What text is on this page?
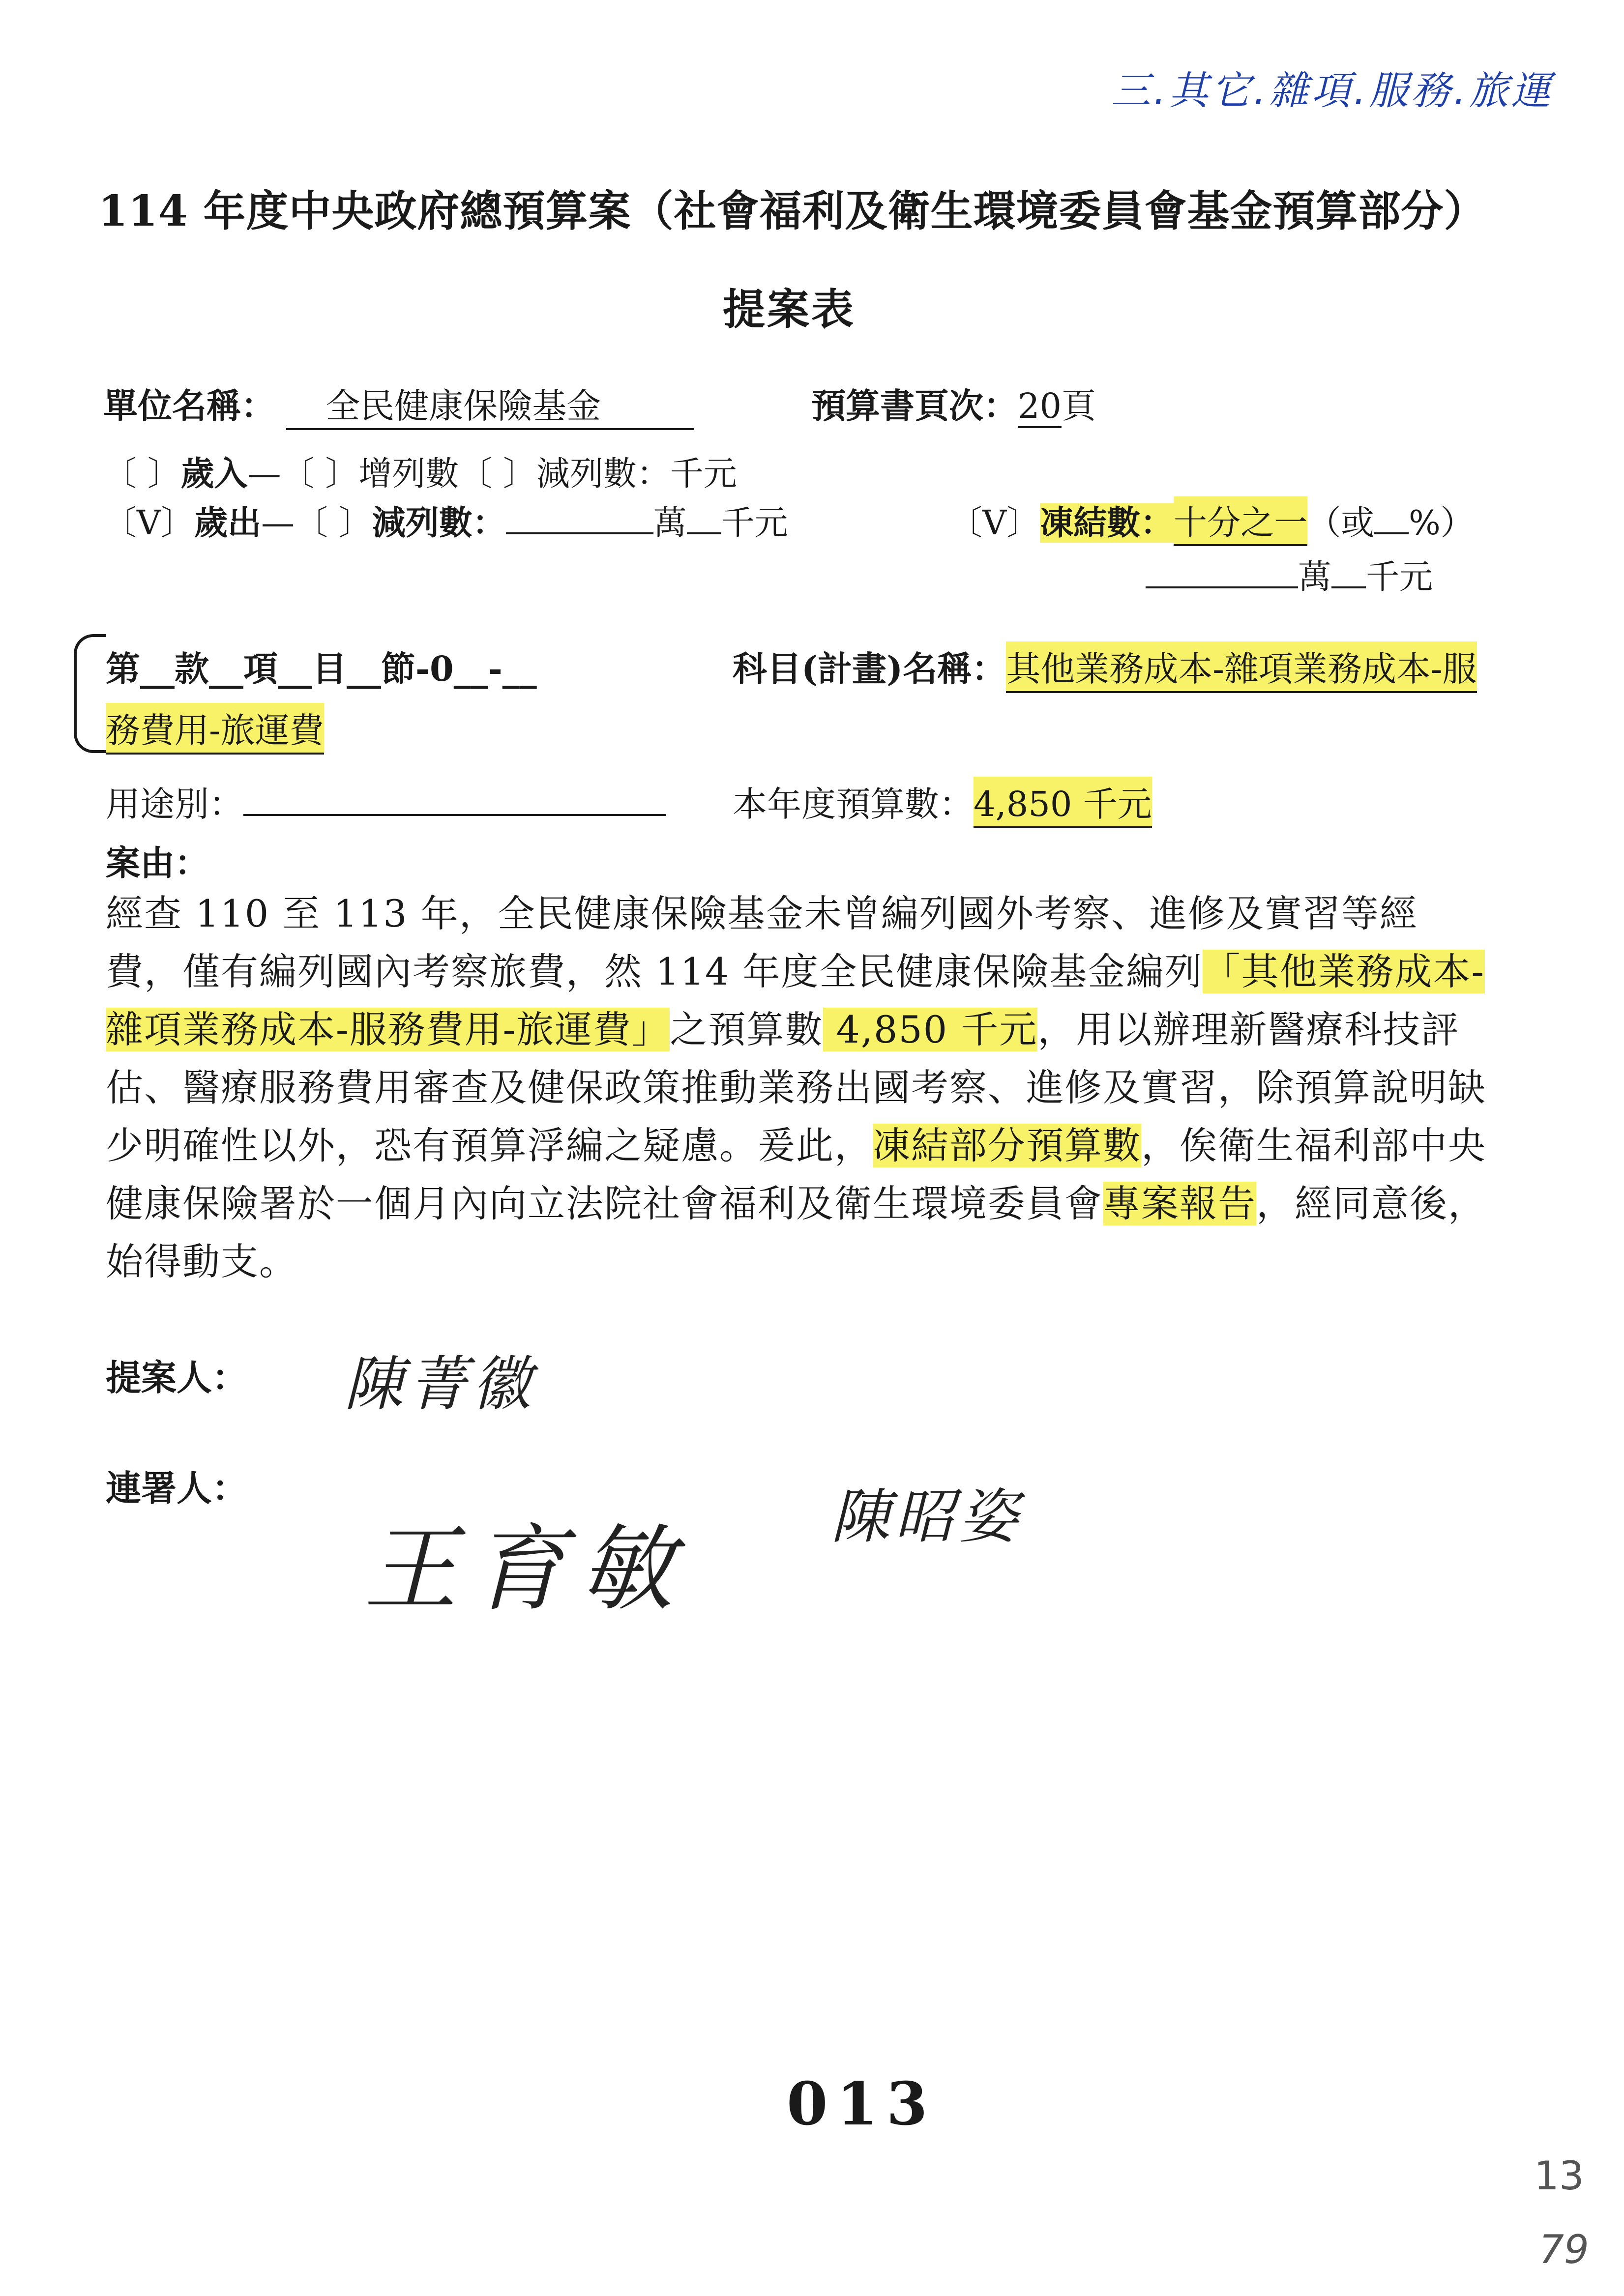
三.其它.雜項.服務.旅運
114 年度中央政府總預算案（社會福利及衛生環境委員會基金預算部分）
提案表
單位名稱： 全民健康保險基金	預算書頁次：20頁
〔 〕歲入—〔 〕增列數〔 〕減列數：千元
〔V〕歲出—〔 〕減列數：	萬 千元	〔V〕凍結數：十分之一（或 %）
萬 千元
第__款__項__目__節-0__-__	科目(計畫)名稱：其他業務成本-雜項業務成本-服
務費用-旅運費
用途別：	本年度預算數：4,850 千元
案由：
經查 110 至 113 年，全民健康保險基金未曾編列國外考察、進修及實習等經費，僅有編列國內考察旅費，然 114 年度全民健康保險基金編列「其他業務成本-雜項業務成本-服務費用-旅運費」之預算數 4,850 千元，用以辦理新醫療科技評估、醫療服務費用審查及健保政策推動業務出國考察、進修及實習，除預算說明缺少明確性以外，恐有預算浮編之疑慮。爰此，凍結部分預算數，俟衛生福利部中央健康保險署於一個月內向立法院社會福利及衛生環境委員會專案報告，經同意後，始得動支。
提案人： 陳菁徽
連署人：
王育敏 陳昭姿
013
13
79
